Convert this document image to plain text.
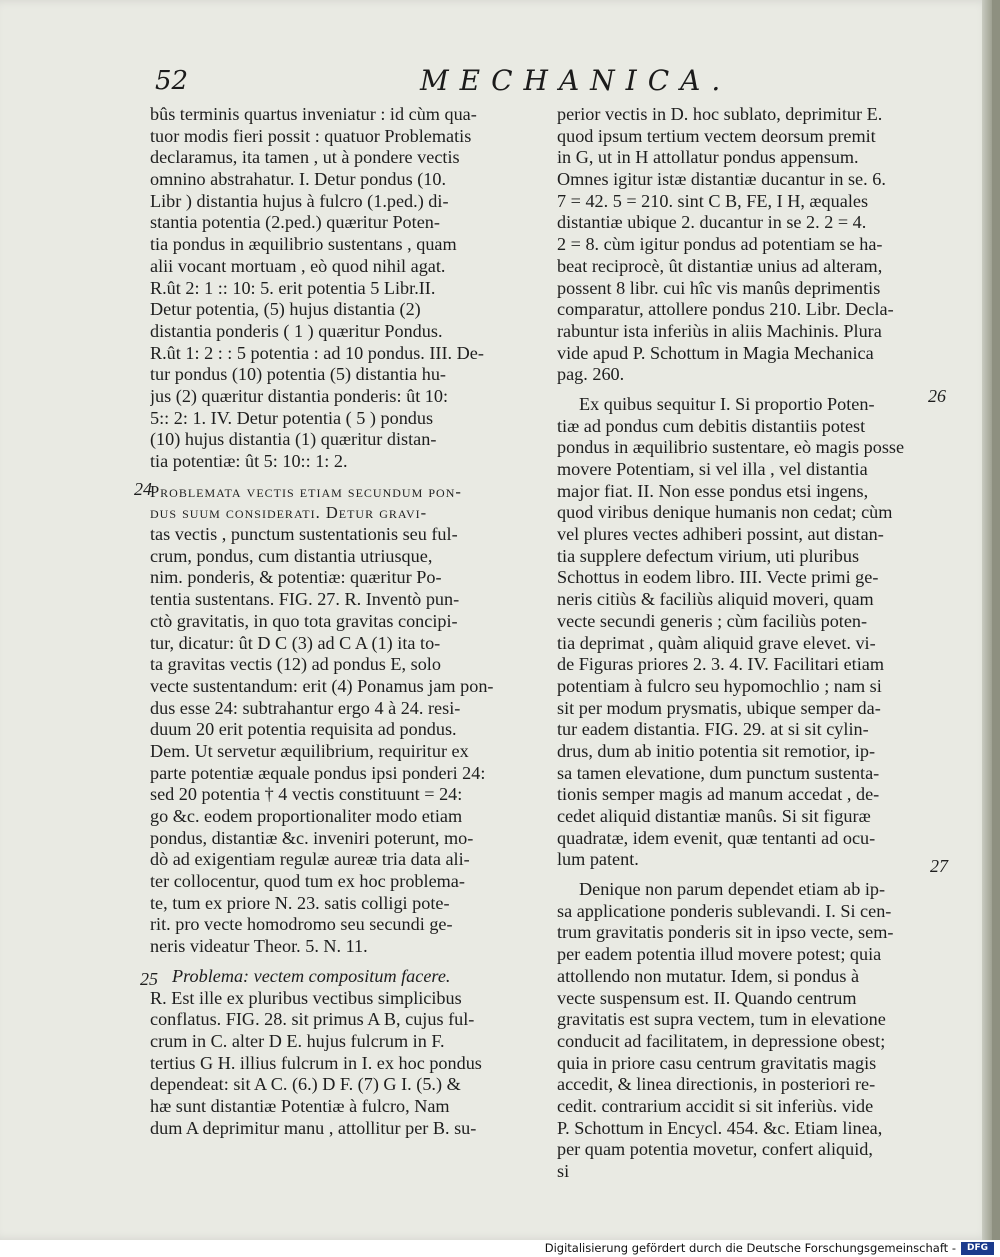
52	MECHANICA.
bûs terminis quartus inveniatur : id cùm qua-
tuor modis fieri possit : quatuor Problematis
declaramus, ita tamen , ut à pondere vectis
omnino abstrahatur. I. Detur pondus (10.
Libr ) distantia hujus à fulcro (1.ped.) di-
stantia potentia (2.ped.) quæritur Poten-
tia pondus in æquilibrio sustentans , quam
alii vocant mortuam , eò quod nihil agat.
R.ût 2: 1 :: 10: 5. erit potentia 5 Libr.II.
Detur potentia, (5) hujus distantia (2)
distantia ponderis ( 1 ) quæritur Pondus.
R.ût 1: 2 : : 5 potentia : ad 10 pondus. III. De-
tur pondus (10) potentia (5) distantia hu-
jus (2) quæritur distantia ponderis: ût 10:
5:: 2: 1. IV. Detur potentia ( 5 ) pondus
(10) hujus distantia (1) quæritur distan-
tia potentiæ: ût 5: 10:: 1: 2.
Problemata vectis etiam secundum pon-
dus suum considerati. Detur gravi-
tas vectis , punctum sustentationis seu ful-
crum, pondus, cum distantia utriusque,
nim. ponderis, & potentiæ: quæritur Po-
tentia sustentans. FIG. 27. R. Inventò pun-
ctò gravitatis, in quo tota gravitas concipi-
tur, dicatur: ût D C (3) ad C A (1) ita to-
ta gravitas vectis (12) ad pondus E, solo
vecte sustentandum: erit (4) Ponamus jam pon-
dus esse 24: subtrahantur ergo 4 à 24. resi-
duum 20 erit potentia requisita ad pondus.
Dem. Ut servetur æquilibrium, requiritur ex
parte potentiæ æquale pondus ipsi ponderi 24:
sed 20 potentia † 4 vectis constituunt = 24:
go &c. eodem proportionaliter modo etiam
pondus, distantiæ &c. inveniri poterunt, mo-
dò ad exigentiam regulæ aureæ tria data ali-
ter collocentur, quod tum ex hoc problema-
te, tum ex priore N. 23. satis colligi pote-
rit. pro vecte homodromo seu secundi ge-
neris videatur Theor. 5. N. 11.
Problema: vectem compositum facere.
R. Est ille ex pluribus vectibus simplicibus
conflatus. FIG. 28. sit primus A B, cujus ful-
crum in C. alter D E. hujus fulcrum in F.
tertius G H. illius fulcrum in I. ex hoc pondus
dependeat: sit A C. (6.) D F. (7) G I. (5.) &
hæ sunt distantiæ Potentiæ à fulcro, Nam
dum A deprimitur manu , attollitur per B. su-
perior vectis in D. hoc sublato, deprimitur E.
quod ipsum tertium vectem deorsum premit
in G, ut in H attollatur pondus appensum.
Omnes igitur istæ distantiæ ducantur in se. 6.
7 = 42. 5 = 210. sint C B, FE, I H, æquales
distantiæ ubique 2. ducantur in se 2. 2 = 4.
2 = 8. cùm igitur pondus ad potentiam se ha-
beat reciprocè, ût distantiæ unius ad alteram,
possent 8 libr. cui hîc vis manûs deprimentis
comparatur, attollere pondus 210. Libr. Decla-
rabuntur ista inferiùs in aliis Machinis. Plura
vide apud P. Schottum in Magia Mechanica
pag. 260.
Ex quibus sequitur I. Si proportio Poten-
tiæ ad pondus cum debitis distantiis potest
pondus in æquilibrio sustentare, eò magis posse
movere Potentiam, si vel illa , vel distantia
major fiat. II. Non esse pondus etsi ingens,
quod viribus denique humanis non cedat; cùm
vel plures vectes adhiberi possint, aut distan-
tia supplere defectum virium, uti pluribus
Schottus in eodem libro. III. Vecte primi ge-
neris citiùs & faciliùs aliquid moveri, quam
vecte secundi generis ; cùm faciliùs poten-
tia deprimat , quàm aliquid grave elevet. vi-
de Figuras priores 2. 3. 4. IV. Facilitari etiam
potentiam à fulcro seu hypomochlio ; nam si
sit per modum prysmatis, ubique semper da-
tur eadem distantia. FIG. 29. at si sit cylin-
drus, dum ab initio potentia sit remotior, ip-
sa tamen elevatione, dum punctum sustenta-
tionis semper magis ad manum accedat , de-
cedet aliquid distantiæ manûs. Si sit figuræ
quadratæ, idem evenit, quæ tentanti ad ocu-
lum patent.
Denique non parum dependet etiam ab ip-
sa applicatione ponderis sublevandi. I. Si cen-
trum gravitatis ponderis sit in ipso vecte, sem-
per eadem potentia illud movere potest; quia
attollendo non mutatur. Idem, si pondus à
vecte suspensum est. II. Quando centrum
gravitatis est supra vectem, tum in elevatione
conducit ad facilitatem, in depressione obest;
quia in priore casu centrum gravitatis magis
accedit, & linea directionis, in posteriori re-
cedit. contrarium accidit si sit inferiùs. vide
P. Schottum in Encycl. 454. &c. Etiam linea,
per quam potentia movetur, confert aliquid,
si
24
25
26
27
Digitalisierung gefördert durch die Deutsche Forschungsgemeinschaft -	DFG
